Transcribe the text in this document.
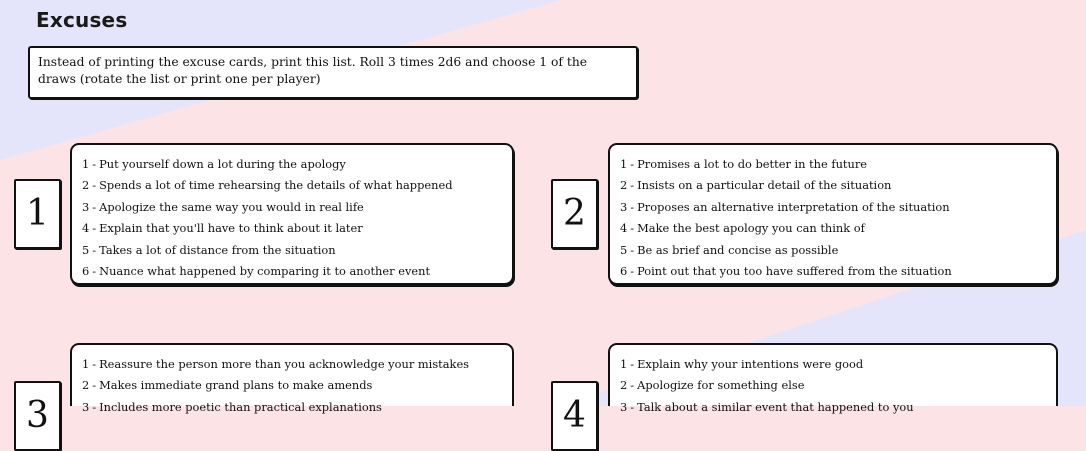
Excuses
Instead of printing the excuse cards, print this list. Roll 3 times 2d6 and choose 1 of the draws (rotate the list or print one per player)
1
1 - Put yourself down a lot during the apology
2 - Spends a lot of time rehearsing the details of what happened
3 - Apologize the same way you would in real life
4 - Explain that you'll have to think about it later
5 - Takes a lot of distance from the situation
6 - Nuance what happened by comparing it to another event
2
1 - Promises a lot to do better in the future
2 - Insists on a particular detail of the situation
3 - Proposes an alternative interpretation of the situation
4 - Make the best apology you can think of
5 - Be as brief and concise as possible
6 - Point out that you too have suffered from the situation
3
1 - Reassure the person more than you acknowledge your mistakes
2 - Makes immediate grand plans to make amends
3 - Includes more poetic than practical explanations	4
1 - Explain why your intentions were good
2 - Apologize for something else
3 - Talk about a similar event that happened to you
